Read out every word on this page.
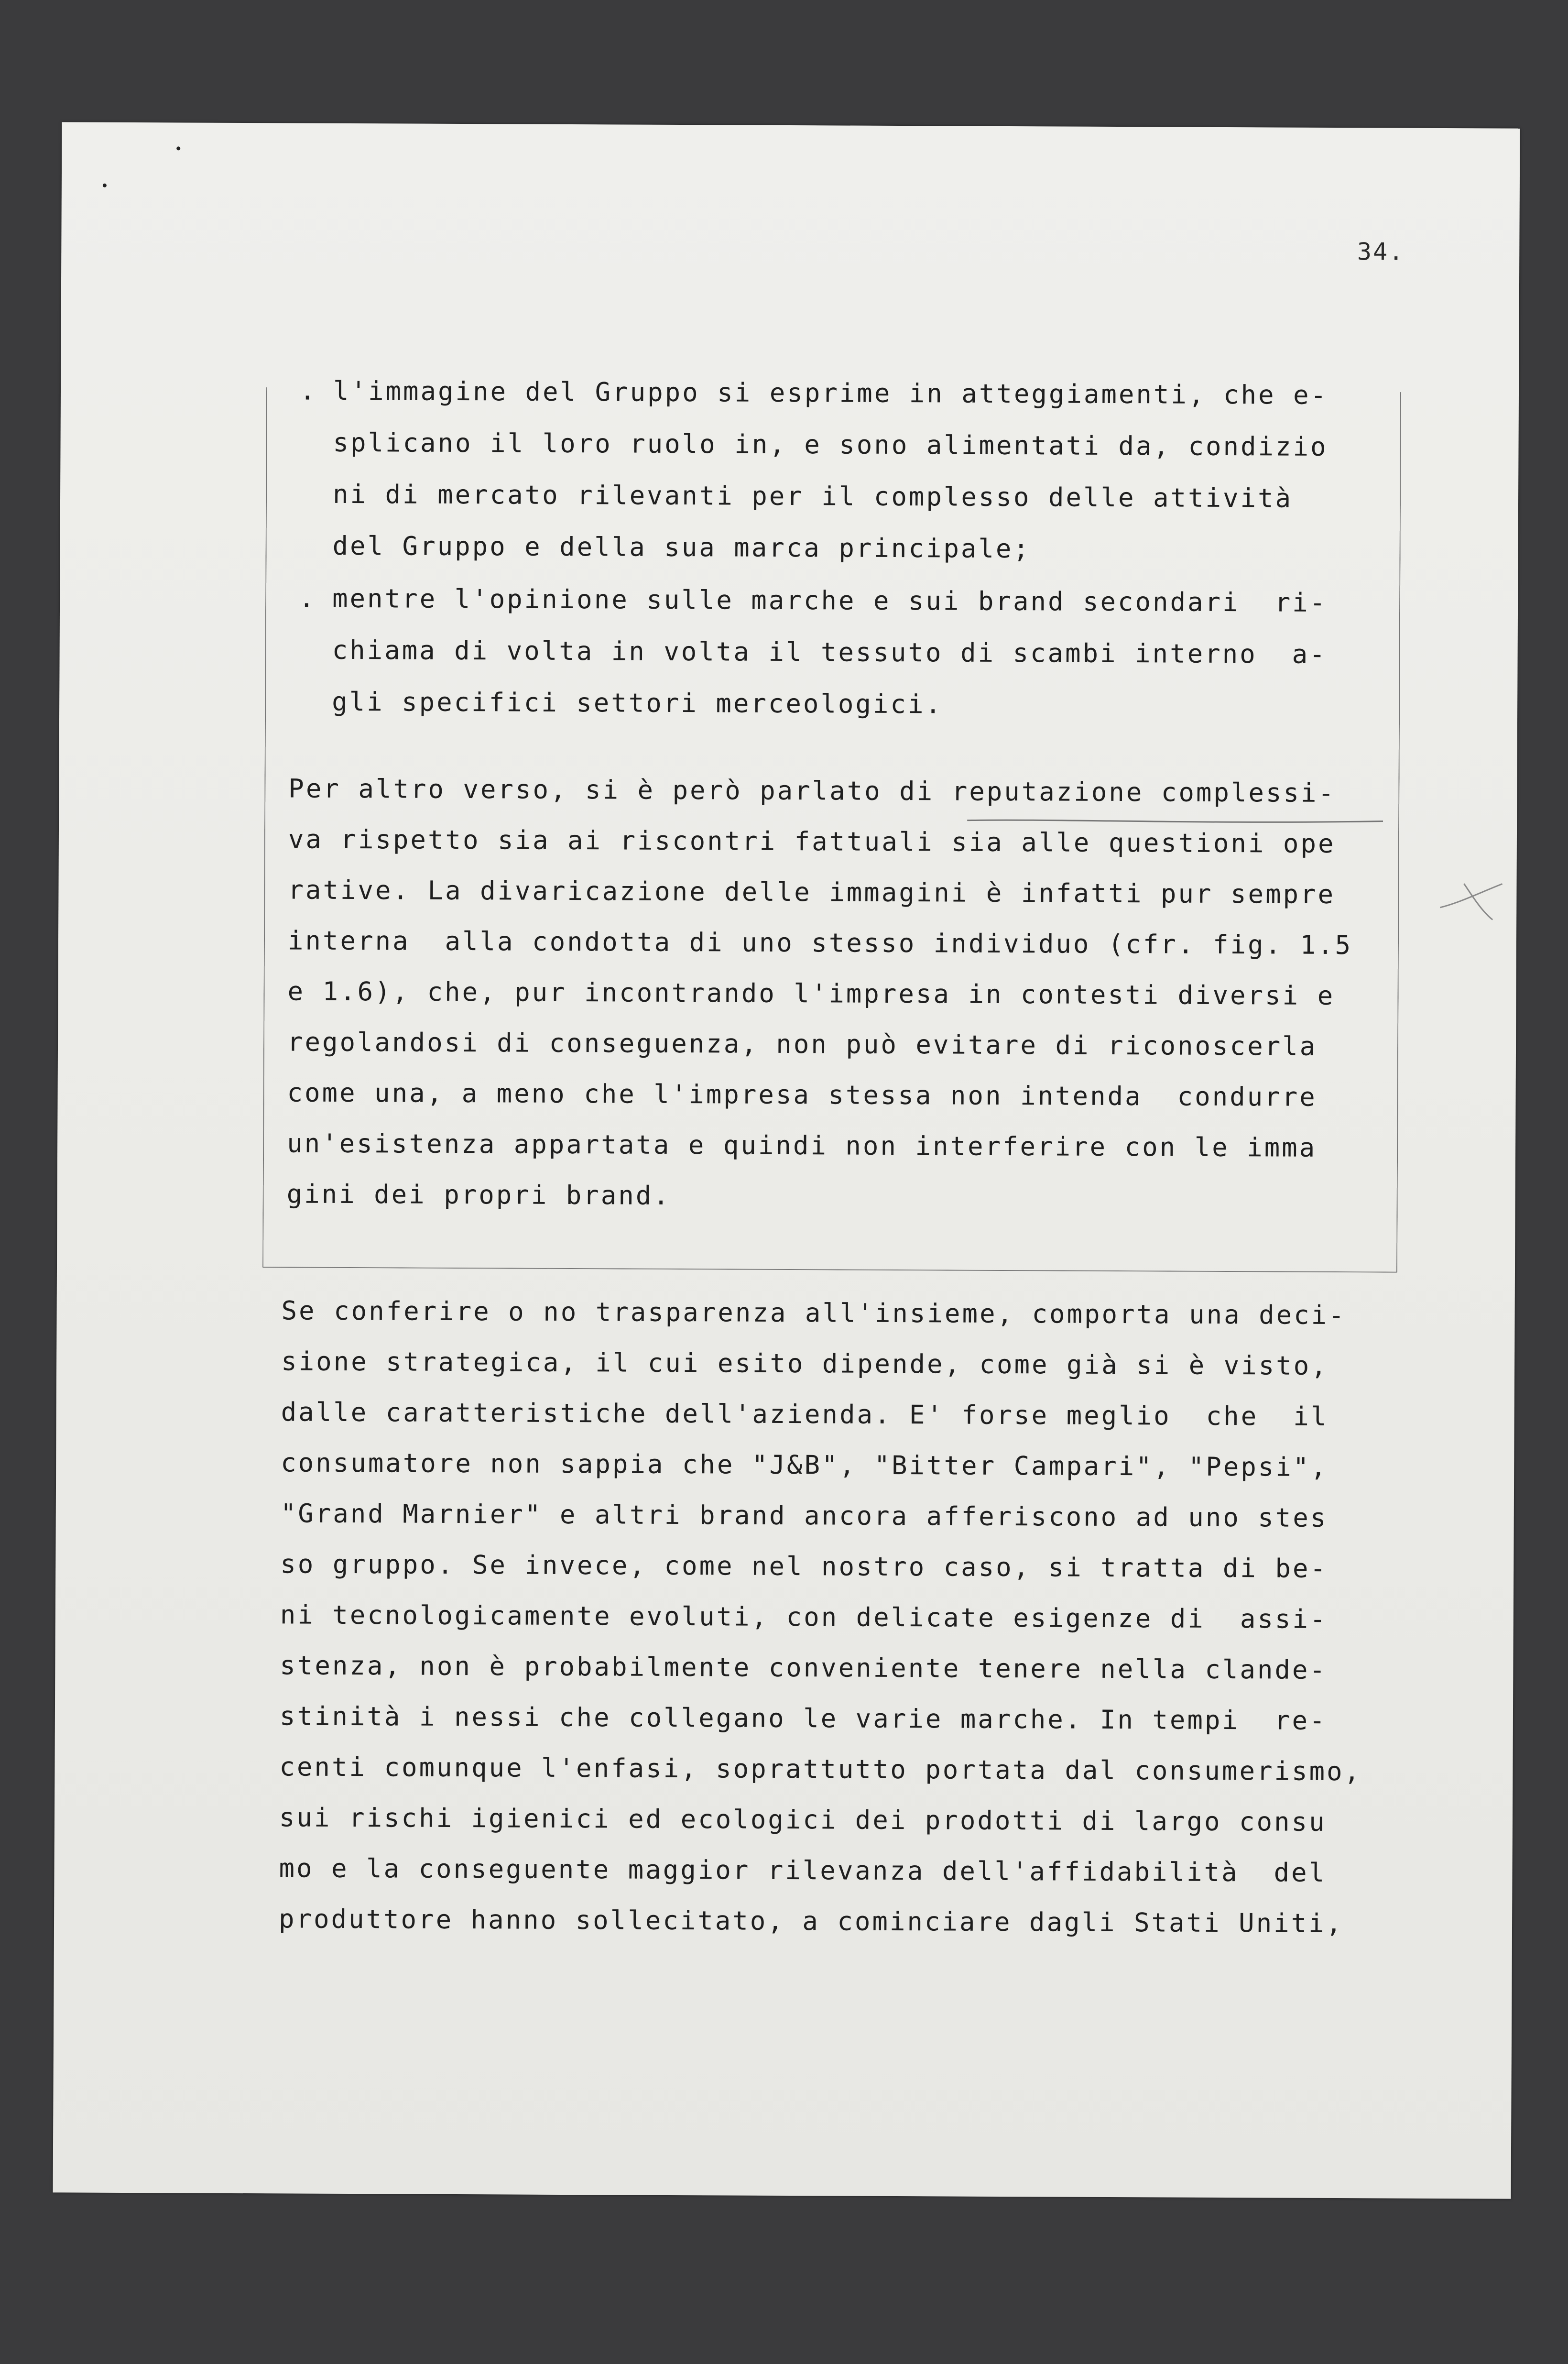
34.
. l'immagine del Gruppo si esprime in atteggiamenti, che e-
splicano il loro ruolo in, e sono alimentati da, condizio
ni di mercato rilevanti per il complesso delle attività
del Gruppo e della sua marca principale;
. mentre l'opinione sulle marche e sui brand secondari  ri-
chiama di volta in volta il tessuto di scambi interno  a-
gli specifici settori merceologici.
Per altro verso, si è però parlato di reputazione complessi-
va rispetto sia ai riscontri fattuali sia alle questioni ope
rative. La divaricazione delle immagini è infatti pur sempre
interna  alla condotta di uno stesso individuo (cfr. fig. 1.5
e 1.6), che, pur incontrando l'impresa in contesti diversi e
regolandosi di conseguenza, non può evitare di riconoscerla
come una, a meno che l'impresa stessa non intenda  condurre
un'esistenza appartata e quindi non interferire con le imma
gini dei propri brand.
Se conferire o no trasparenza all'insieme, comporta una deci-
sione strategica, il cui esito dipende, come già si è visto,
dalle caratteristiche dell'azienda. E' forse meglio  che  il
consumatore non sappia che "J&B", "Bitter Campari", "Pepsi",
"Grand Marnier" e altri brand ancora afferiscono ad uno stes
so gruppo. Se invece, come nel nostro caso, si tratta di be-
ni tecnologicamente evoluti, con delicate esigenze di  assi-
stenza, non è probabilmente conveniente tenere nella clande-
stinità i nessi che collegano le varie marche. In tempi  re-
centi comunque l'enfasi, soprattutto portata dal consumerismo,
sui rischi igienici ed ecologici dei prodotti di largo consu
mo e la conseguente maggior rilevanza dell'affidabilità  del
produttore hanno sollecitato, a cominciare dagli Stati Uniti,
